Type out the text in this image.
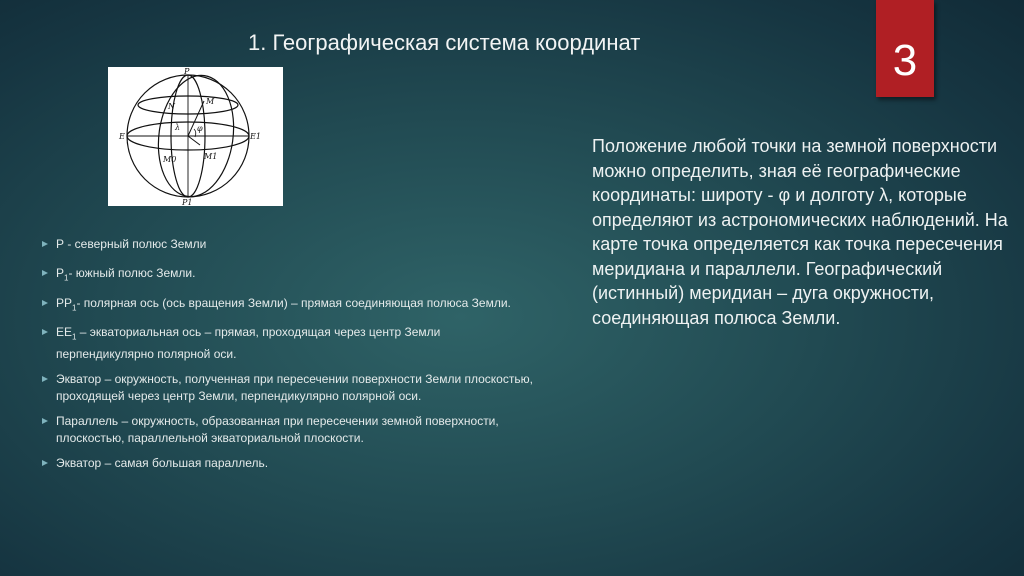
1. Географическая система координат	3
P
P1
E	E1
N
M
M0	M1
φ
λ
P - северный полюс Земли
$P_1-$ южный полюс Земли.
$PP_1-$ полярная ось (ось вращения Земли) – прямая соединяющая полюса Земли.
$EE_1$ – экваториальная ось – прямая, проходящая через центр Земли перпендикулярно полярной оси.
Экватор – окружность, полученная при пересечении поверхности Земли плоскостью, проходящей через центр Земли, перпендикулярно полярной оси.
Параллель – окружность, образованная при пересечении земной поверхности, плоскостью, параллельной экваториальной плоскости.
Экватор – самая большая параллель.
Положение любой точки на земной поверхности можно определить, зная её географические координаты: широту - φ и долготу λ, которые определяют из астрономических наблюдений. На карте точка определяется как точка пересечения меридиана и параллели. Географический (истинный) меридиан – дуга окружности, соединяющая полюса Земли.
